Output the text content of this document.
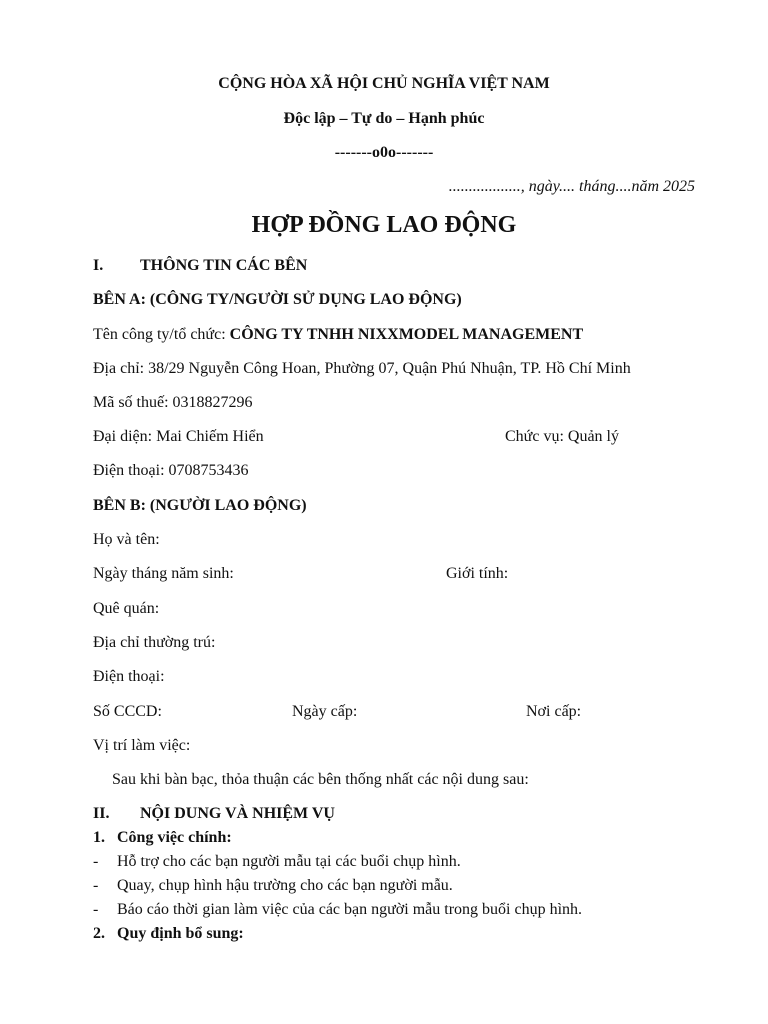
CỘNG HÒA XÃ HỘI CHỦ NGHĨA VIỆT NAM
Độc lập – Tự do – Hạnh phúc
-------o0o-------
.................., ngày.... tháng....năm 2025
HỢP ĐỒNG LAO ĐỘNG
I. THÔNG TIN CÁC BÊN
BÊN A: (CÔNG TY/NGƯỜI SỬ DỤNG LAO ĐỘNG)
Tên công ty/tổ chức: CÔNG TY TNHH NIXXMODEL MANAGEMENT
Địa chỉ: 38/29 Nguyễn Công Hoan, Phường 07, Quận Phú Nhuận, TP. Hồ Chí Minh
Mã số thuế: 0318827296
Đại diện: Mai Chiếm Hiển	Chức vụ: Quản lý
Điện thoại: 0708753436
BÊN B: (NGƯỜI LAO ĐỘNG)
Họ và tên:
Ngày tháng năm sinh:	Giới tính:
Quê quán:
Địa chỉ thường trú:
Điện thoại:
Số CCCD:	Ngày cấp:	Nơi cấp:
Vị trí làm việc:
Sau khi bàn bạc, thỏa thuận các bên thống nhất các nội dung sau:
II. NỘI DUNG VÀ NHIỆM VỤ
1. Công việc chính:
- Hỗ trợ cho các bạn người mẫu tại các buổi chụp hình.
- Quay, chụp hình hậu trường cho các bạn người mẫu.
- Báo cáo thời gian làm việc của các bạn người mẫu trong buổi chụp hình.
2. Quy định bổ sung:
